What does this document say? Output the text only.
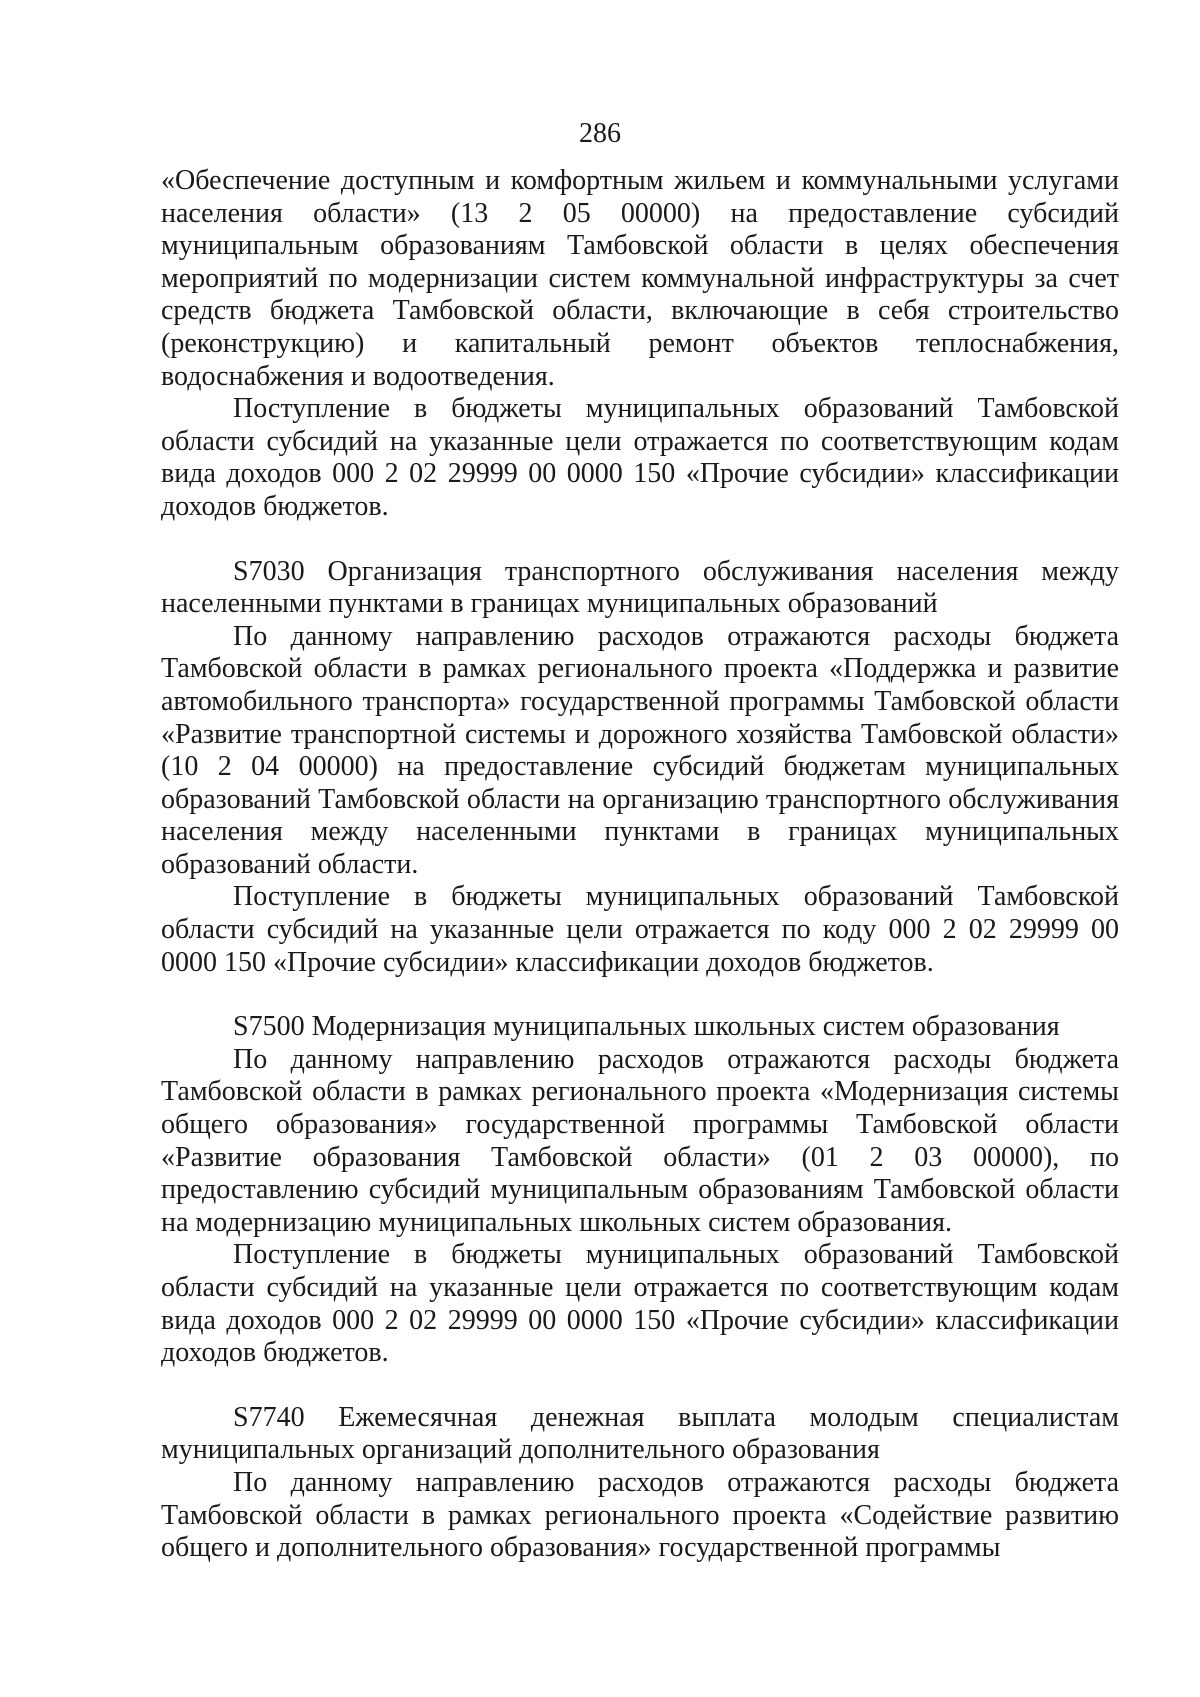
286

«Обеспечение доступным и комфортным жильем и коммунальными услугами населения области» (13 2 05 00000) на предоставление субсидий муниципальным образованиям Тамбовской области в целях обеспечения мероприятий по модернизации систем коммунальной инфраструктуры за счет средств бюджета Тамбовской области, включающие в себя строительство (реконструкцию) и капитальный ремонт объектов теплоснабжения, водоснабжения и водоотведения.

Поступление в бюджеты муниципальных образований Тамбовской области субсидий на указанные цели отражается по соответствующим кодам вида доходов 000 2 02 29999 00 0000 150 «Прочие субсидии» классификации доходов бюджетов.

S7030 Организация транспортного обслуживания населения между населенными пунктами в границах муниципальных образований

По данному направлению расходов отражаются расходы бюджета Тамбовской области в рамках регионального проекта «Поддержка и развитие автомобильного транспорта» государственной программы Тамбовской области «Развитие транспортной системы и дорожного хозяйства Тамбовской области» (10 2 04 00000) на предоставление субсидий бюджетам муниципальных образований Тамбовской области на организацию транспортного обслуживания населения между населенными пунктами в границах муниципальных образований области.

Поступление в бюджеты муниципальных образований Тамбовской области субсидий на указанные цели отражается по коду 000 2 02 29999 00 0000 150 «Прочие субсидии» классификации доходов бюджетов.

S7500 Модернизация муниципальных школьных систем образования

По данному направлению расходов отражаются расходы бюджета Тамбовской области в рамках регионального проекта «Модернизация системы общего образования» государственной программы Тамбовской области «Развитие образования Тамбовской области» (01 2 03 00000), по предоставлению субсидий муниципальным образованиям Тамбовской области на модернизацию муниципальных школьных систем образования.

Поступление в бюджеты муниципальных образований Тамбовской области субсидий на указанные цели отражается по соответствующим кодам вида доходов 000 2 02 29999 00 0000 150 «Прочие субсидии» классификации доходов бюджетов.

S7740 Ежемесячная денежная выплата молодым специалистам муниципальных организаций дополнительного образования

По данному направлению расходов отражаются расходы бюджета Тамбовской области в рамках регионального проекта «Содействие развитию общего и дополнительного образования» государственной программы
